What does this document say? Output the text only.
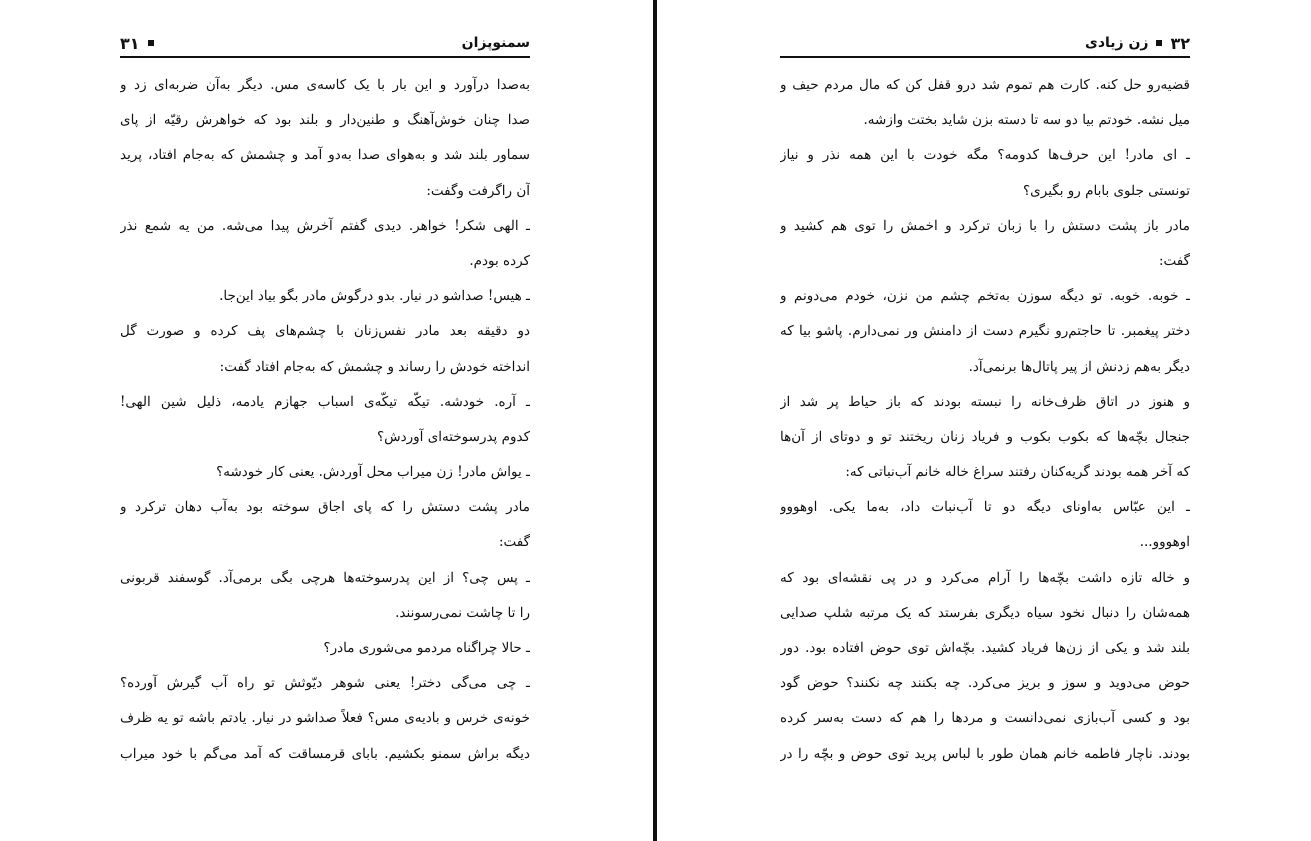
سمنوپزان
۳۱
به‌صدا درآورد و این بار با یک کاسه‌ی مس. دیگر به‌آن ضربه‌ای زد و
صدا چنان خوش‌آهنگ و طنین‌دار و بلند بود که خواهرش رقیّه از پای
سماور بلند شد و به‌هوای صدا به‌دو آمد و چشمش که به‌جام افتاد، پرید
آن راگرفت وگفت:
ـ الهی شکر! خواهر. دیدی گفتم آخرش پیدا می‌شه. من یه شمع نذر
کرده بودم.
ـ هیس! صداشو در نیار. بدو درگوش مادر بگو بیاد این‌جا.
دو دقیقه بعد مادر نفس‌زنان با چشم‌های پف کرده و صورت گل
انداخته خودش را رساند و چشمش که به‌جام افتاد گفت:
ـ آره. خودشه. تیکّه تیکّه‌ی اسباب جهازم یادمه، ذلیل شین الهی!
کدوم پدرسوخته‌ای آوردش؟
ـ یواش مادر! زن میراب محل آوردش. یعنی کار خودشه؟
مادر پشت دستش را که پای اجاق سوخته بود به‌آب دهان ترکرد و
گفت:
ـ پس چی؟ از این پدرسوخته‌ها هرچی بگی برمی‌آد. گوسفند قربونی
را تا چاشت نمی‌رسونند.
ـ حالا چراگناه مردمو می‌شوری مادر؟
ـ چی می‌گی دختر! یعنی شوهر دیّوثش تو راه آب گیرش آورده؟
خونه‌ی خرس و بادیه‌ی مس؟ فعلاً صداشو در نیار. یادتم باشه تو یه ظرف
دیگه براش سمنو بکشیم. بابای قرمساقت که آمد می‌گم با خود میراب
۳۲
زن زیادی
قضیه‌رو حل کنه. کارت هم تموم شد درو قفل کن که مال مردم حیف و
میل نشه. خودتم بیا دو سه تا دسته بزن شاید بختت وازشه.
ـ ای مادر! این حرف‌ها کدومه؟ مگه خودت با این همه نذر و نیاز
تونستی جلوی بابام رو بگیری؟
مادر باز پشت دستش را با زبان ترکرد و اخمش را توی هم کشید و
گفت:
ـ خوبه. خوبه. تو دیگه سوزن به‌تخم چشم من نزن، خودم می‌دونم و
دختر پیغمبر. تا حاجتم‌رو نگیرم دست از دامنش ور نمی‌دارم. پاشو بیا که
دیگر به‌هم زدنش از پیر پاتال‌ها برنمی‌آد.
و هنوز در اتاق ظرف‌خانه را نبسته بودند که باز حیاط پر شد از
جنجال بچّه‌ها که بکوب بکوب و فریاد زنان ریختند تو و دوتای از آن‌ها
که آخر همه بودند گریه‌کنان رفتند سراغ خاله خانم آب‌نباتی که:
ـ این عبّاس به‌اونای دیگه دو تا آب‌نبات داد، به‌ما یکی. اوهووو
اوهووو...
و خاله تازه داشت بچّه‌ها را آرام می‌کرد و در پی نقشه‌ای بود که
همه‌شان را دنبال نخود سیاه دیگری بفرستد که یک مرتبه شلپ صدایی
بلند شد و یکی از زن‌ها فریاد کشید. بچّه‌اش توی حوض افتاده بود. دور
حوض می‌دوید و سوز و بریز می‌کرد. چه بکنند چه نکنند؟ حوض گود
بود و کسی آب‌بازی نمی‌دانست و مردها را هم که دست به‌سر کرده
بودند. ناچار فاطمه خانم همان طور با لباس پرید توی حوض و بچّه را در
